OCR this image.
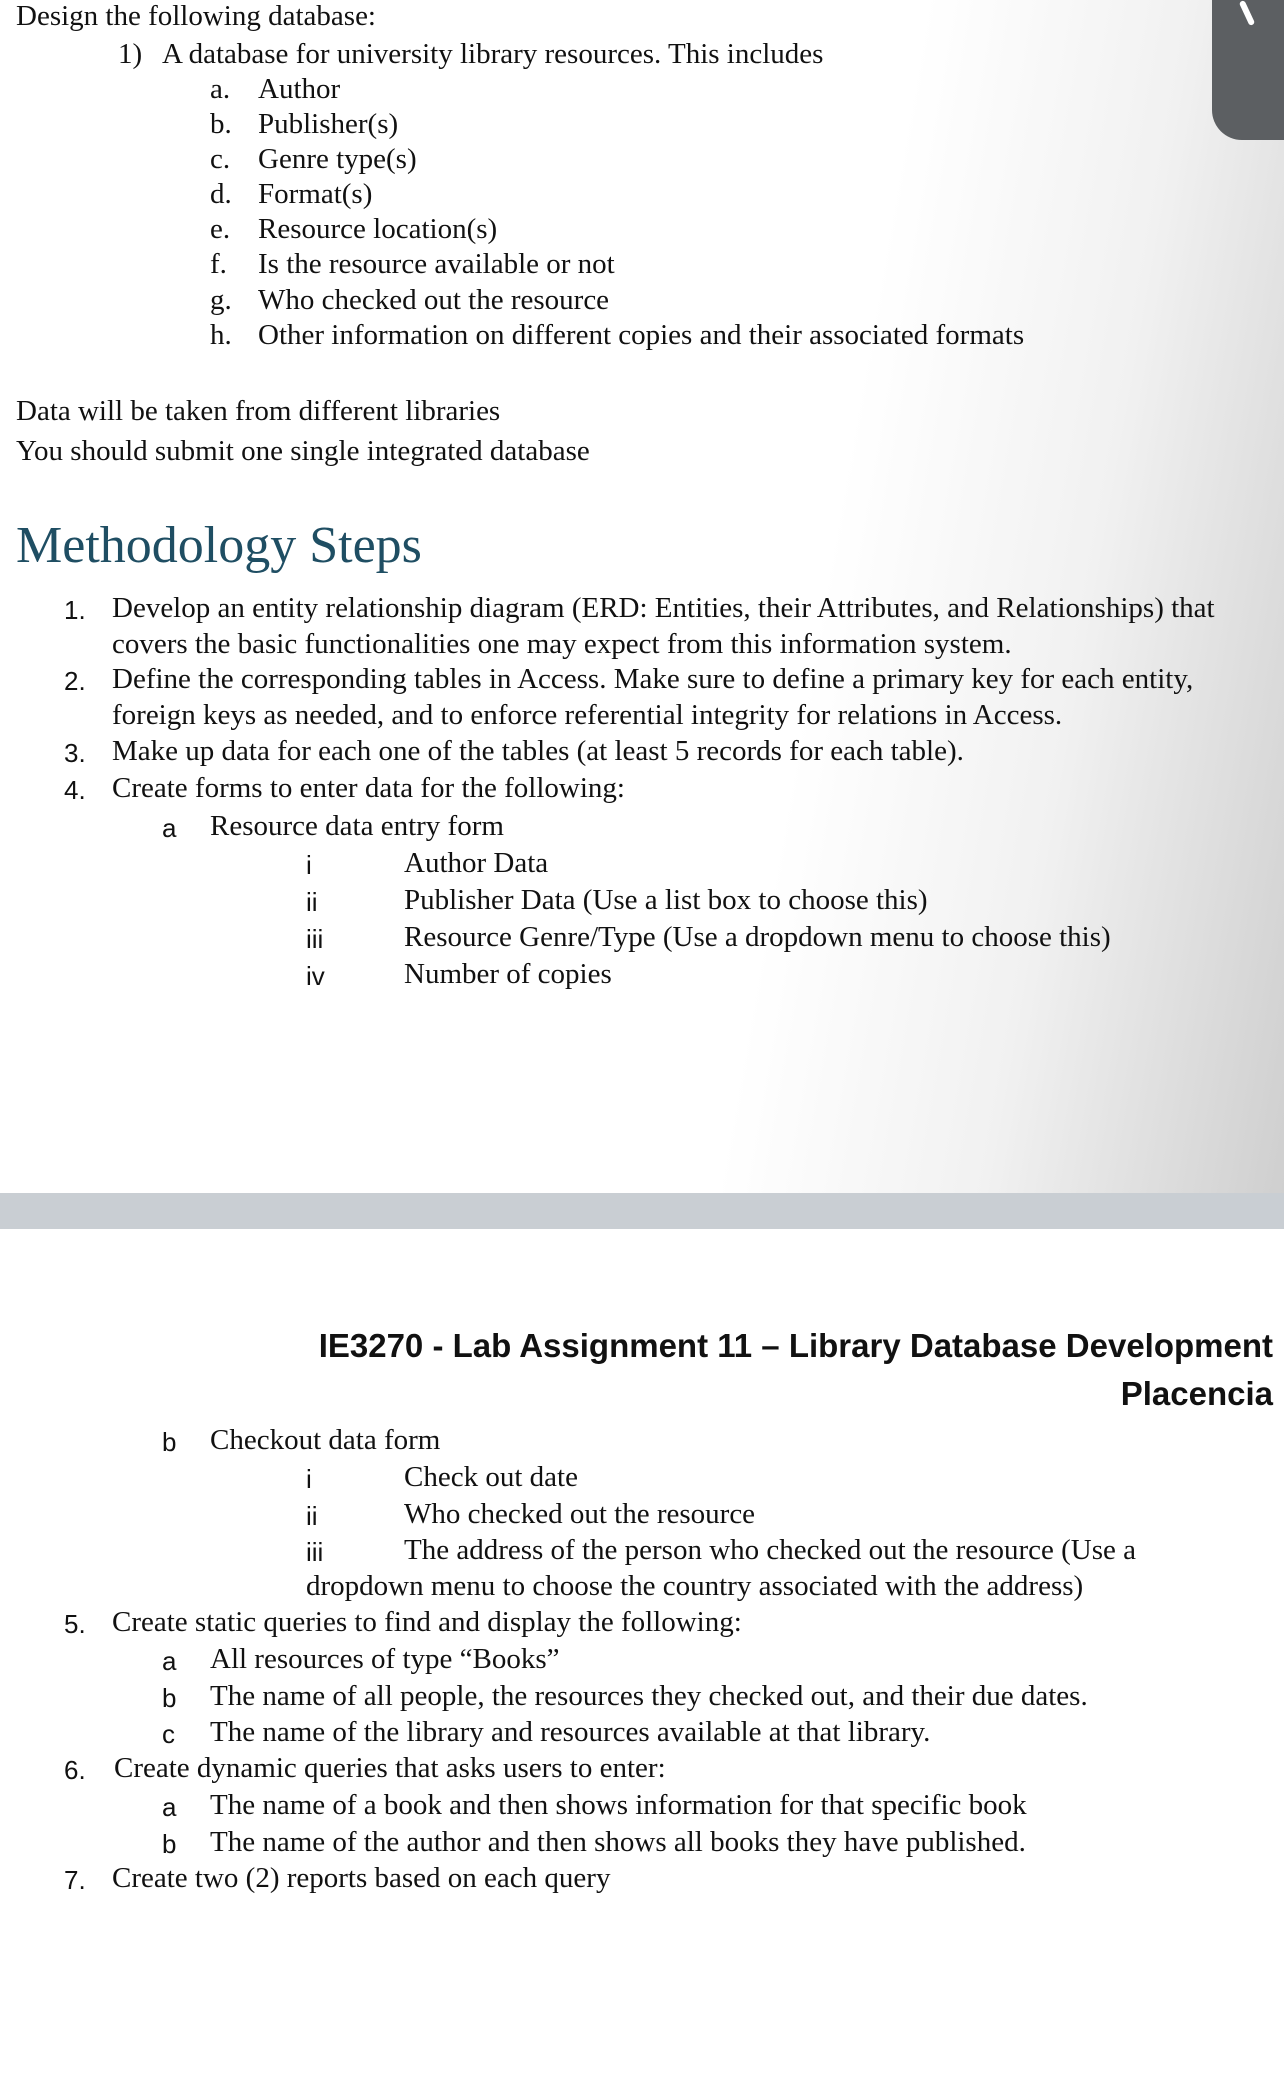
Design the following database:
1) A database for university library resources. This includes
a. Author
b. Publisher(s)
c. Genre type(s)
d. Format(s)
e. Resource location(s)
f. Is the resource available or not
g. Who checked out the resource
h. Other information on different copies and their associated formats
Data will be taken from different libraries
You should submit one single integrated database
Methodology Steps
1. Develop an entity relationship diagram (ERD: Entities, their Attributes, and Relationships) that
covers the basic functionalities one may expect from this information system.
2. Define the corresponding tables in Access. Make sure to define a primary key for each entity,
foreign keys as needed, and to enforce referential integrity for relations in Access.
3. Make up data for each one of the tables (at least 5 records for each table).
4. Create forms to enter data for the following:
a Resource data entry form
i	Author Data
ii	Publisher Data (Use a list box to choose this)
iii	Resource Genre/Type (Use a dropdown menu to choose this)
iv	Number of copies
IE3270 - Lab Assignment 11 – Library Database Development
Placencia
b Checkout data form
i	Check out date
ii	Who checked out the resource
iii	The address of the person who checked out the resource (Use a
dropdown menu to choose the country associated with the address)
5. Create static queries to find and display the following:
a All resources of type “Books”
b The name of all people, the resources they checked out, and their due dates.
c The name of the library and resources available at that library.
6. Create dynamic queries that asks users to enter:
a The name of a book and then shows information for that specific book
b The name of the author and then shows all books they have published.
7. Create two (2) reports based on each query
